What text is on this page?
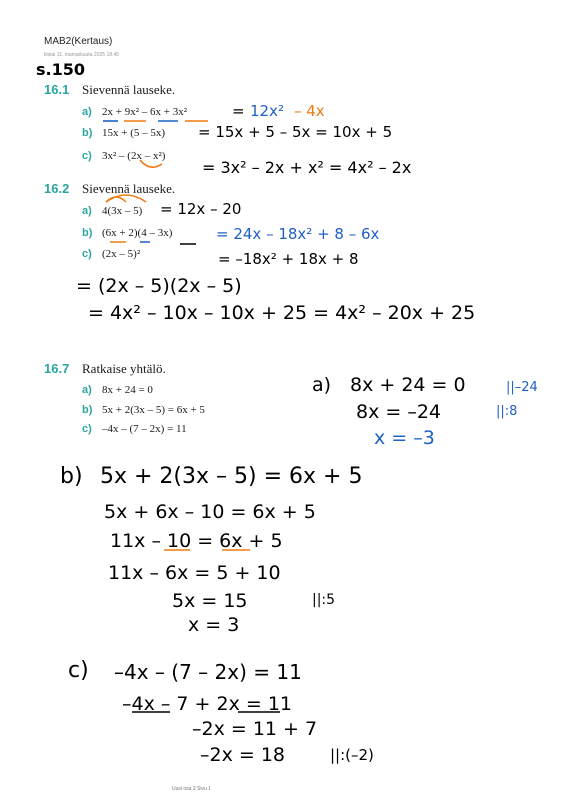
MAB2(Kertaus)
tiistai 11. marraskuuta 2025 18.45
s.150
16.1 Sievennä lauseke.
a) 2x + 9x² – 6x + 3x²	= 12x² – 4x
b) 15x + (5 – 5x) = 15x + 5 – 5x = 10x + 5
c) 3x² – (2x – x²)
= 3x² – 2x + x² = 4x² – 2x
16.2 Sievennä lauseke.
a) 4(3x – 5) = 12x – 20
b) (6x + 2)(4 – 3x)	= 24x – 18x² + 8 – 6x
c) (2x – 5)²	= –18x² + 18x + 8
= (2x – 5)(2x – 5)
= 4x² – 10x – 10x + 25 = 4x² – 20x + 25
16.7 Ratkaise yhtälö.
a) 8x + 24 = 0
b) 5x + 2(3x – 5) = 6x + 5
c) –4x – (7 – 2x) = 11
a) 8x + 24 = 0	||–24
8x = –24	||:8
x = –3
b) 5x + 2(3x – 5) = 6x + 5
5x + 6x – 10 = 6x + 5
11x – 10 = 6x + 5
11x – 6x = 5 + 10
5x = 15	||:5
x = 3
c) –4x – (7 – 2x) = 11
–4x – 7 + 2x = 11
–2x = 11 + 7
–2x = 18	||:(–2)
Uusi osa 2 Sivu 1
